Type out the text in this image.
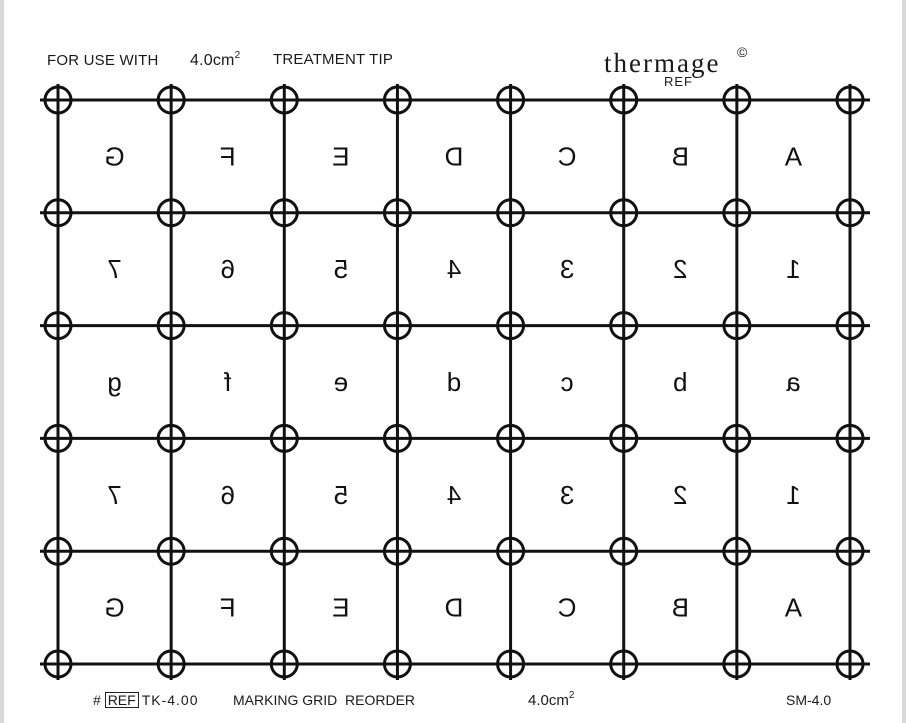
FOR USE WITH $4.0cm^2$ TREATMENT TIP	thermage ©
REF
G	F	E	D	C	B	A
7	6	5	4	3	2	1
g	f	e	d	c	b	a
7	6	5	4	3	2	1
G	F	E	D	C	B	A
# REF TK-4.00 MARKING GRID  REORDER	$4.0cm^2$	SM-4.0
